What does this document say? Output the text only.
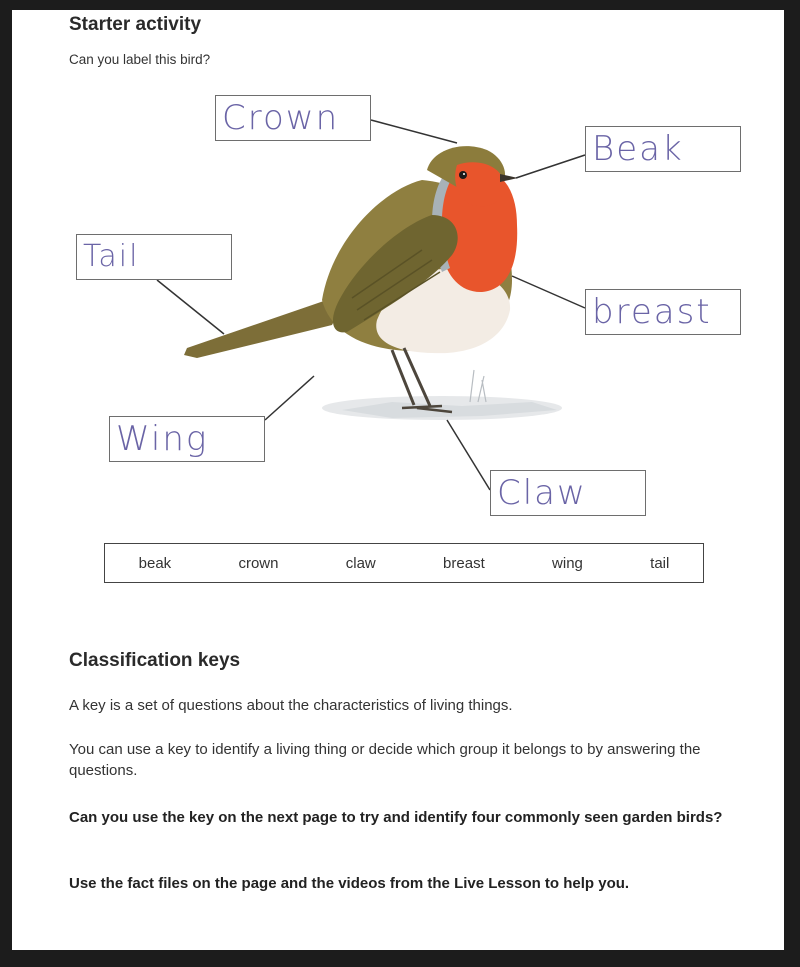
Starter activity
Can you label this bird?
Crown
Beak
Tail
breast
Wing
Claw
beak	crown	claw	breast	wing	tail
Classification keys
A key is a set of questions about the characteristics of living things.
You can use a key to identify a living thing or decide which group it belongs to by answering the questions.
Can you use the key on the next page to try and identify four commonly seen garden birds?
Use the fact files on the page and the videos from the Live Lesson to help you.
